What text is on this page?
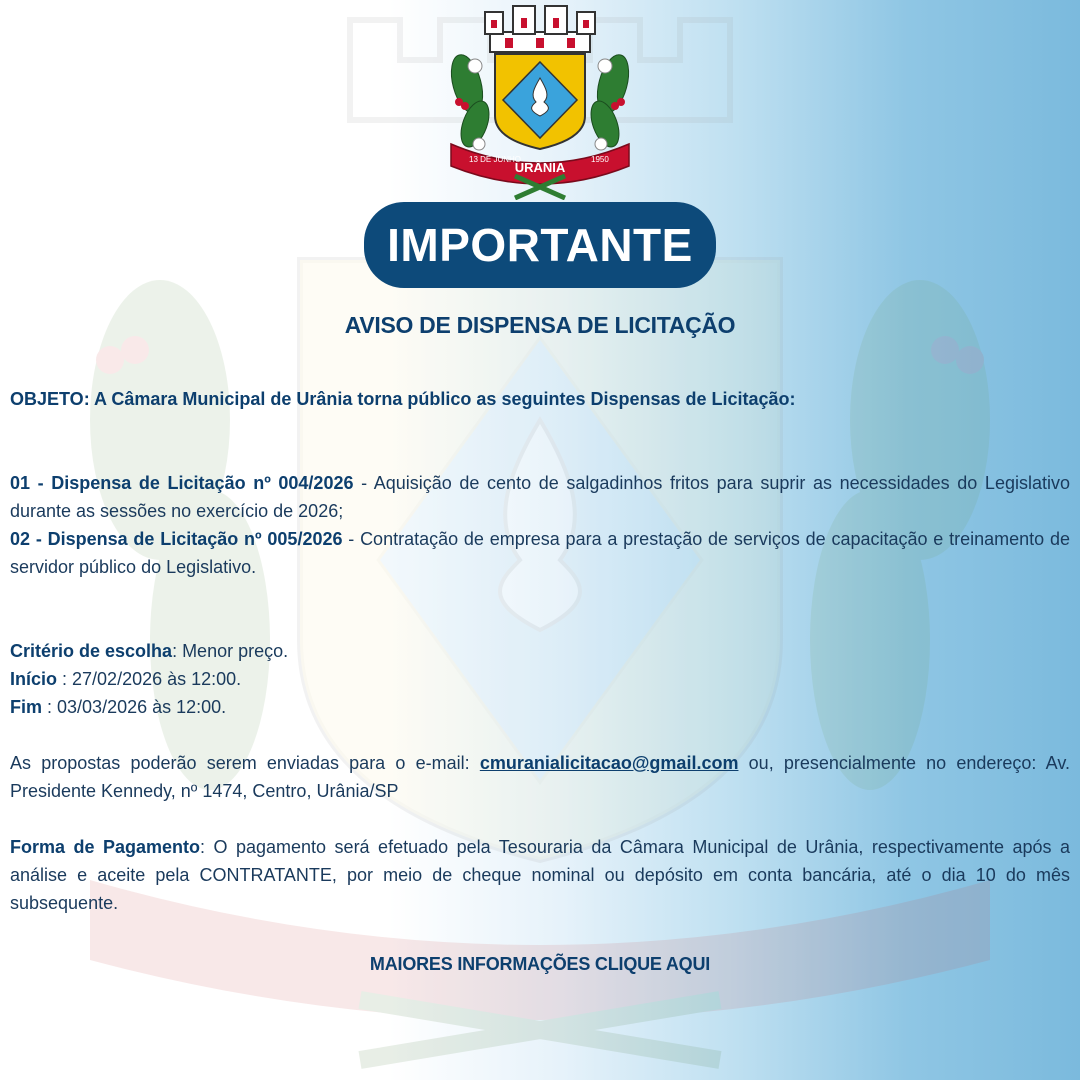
13 DE JUNHO
URÂNIA
1950
IMPORTANTE
AVISO DE DISPENSA DE LICITAÇÃO
OBJETO: A Câmara Municipal de Urânia torna público as seguintes Dispensas de Licitação:
01 - Dispensa de Licitação nº 004/2026 - Aquisição de cento de salgadinhos fritos para suprir as necessidades do Legislativo durante as sessões no exercício de 2026;
02 - Dispensa de Licitação nº 005/2026 - Contratação de empresa para a prestação de serviços de capacitação e treinamento de servidor público do Legislativo.
Critério de escolha: Menor preço.
Início : 27/02/2026 às 12:00.
Fim : 03/03/2026 às 12:00.
As propostas poderão serem enviadas para o e-mail: cmuranialicitacao@gmail.com ou, presencialmente no endereço: Av. Presidente Kennedy, nº 1474, Centro, Urânia/SP
Forma de Pagamento: O pagamento será efetuado pela Tesouraria da Câmara Municipal de Urânia, respectivamente após a análise e aceite pela CONTRATANTE, por meio de cheque nominal ou depósito em conta bancária, até o dia 10 do mês subsequente.
MAIORES INFORMAÇÕES CLIQUE AQUI
